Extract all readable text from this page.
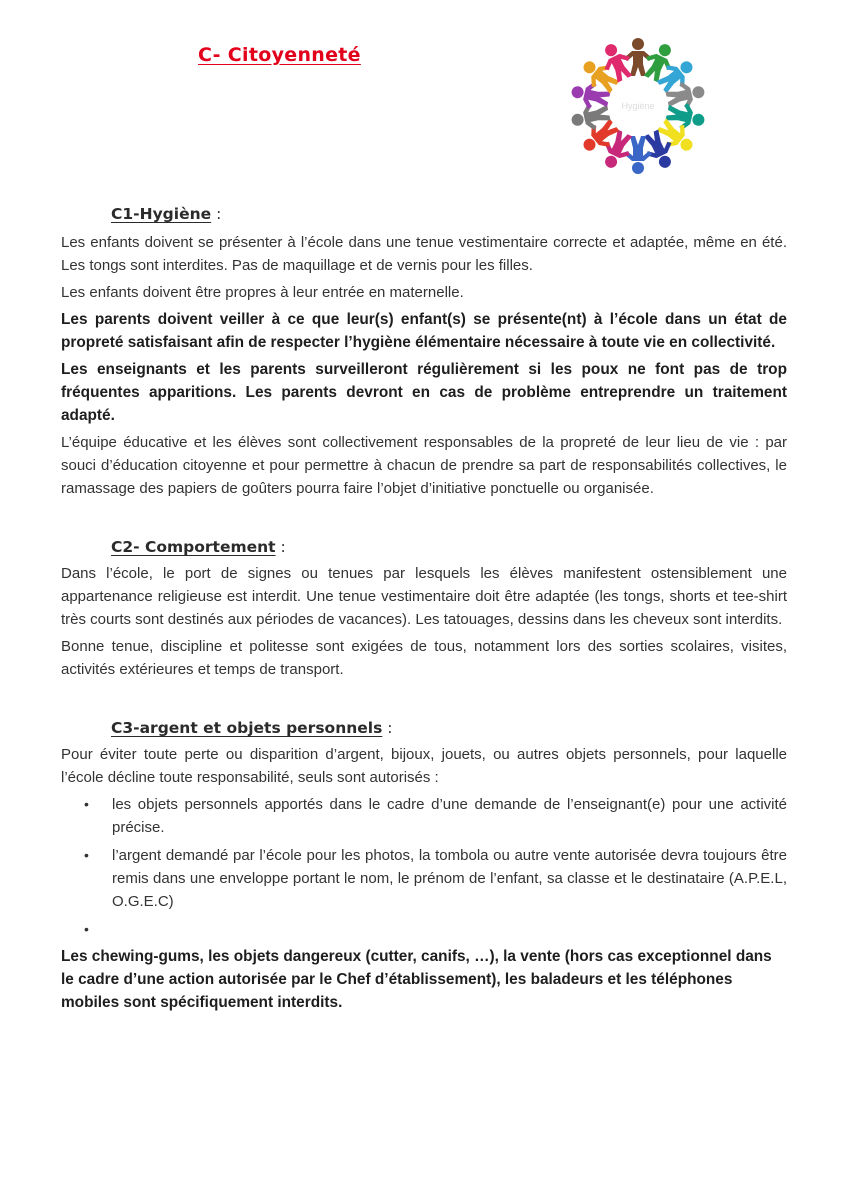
C- Citoyenneté
Hygiène
C1-Hygiène :

Les enfants doivent se présenter à l’école dans une tenue vestimentaire correcte et adaptée, même en été. Les tongs sont interdites. Pas de maquillage et de vernis pour les filles.

Les enfants doivent être propres à leur entrée en maternelle.

Les parents doivent veiller à ce que leur(s) enfant(s) se présente(nt) à l’école dans un état de propreté satisfaisant afin de respecter l’hygiène élémentaire nécessaire à toute vie en collectivité.

Les enseignants et les parents surveilleront régulièrement si les poux ne font pas de trop fréquentes apparitions. Les parents devront en cas de problème entreprendre un traitement adapté.

L’équipe éducative et les élèves sont collectivement responsables de la propreté de leur lieu de vie : par souci d’éducation citoyenne et pour permettre à chacun de prendre sa part de responsabilités collectives, le ramassage des papiers de goûters pourra faire l’objet d’initiative ponctuelle ou organisée.

C2- Comportement :

Dans l’école, le port de signes ou tenues par lesquels les élèves manifestent ostensiblement une appartenance religieuse est interdit. Une tenue vestimentaire doit être adaptée (les tongs, shorts et tee-shirt très courts sont destinés aux périodes de vacances). Les tatouages, dessins dans les cheveux sont interdits.

Bonne tenue, discipline et politesse sont exigées de tous, notamment lors des sorties scolaires, visites, activités extérieures et temps de transport.

C3-argent et objets personnels :

Pour éviter toute perte ou disparition d’argent, bijoux, jouets, ou autres objets personnels, pour laquelle l’école décline toute responsabilité, seuls sont autorisés :

• les objets personnels apportés dans le cadre d’une demande de l’enseignant(e) pour une activité précise.
• l’argent demandé par l’école pour les photos, la tombola ou autre vente autorisée devra toujours être remis dans une enveloppe portant le nom, le prénom de l’enfant, sa classe et le destinataire (A.P.E.L, O.G.E.C)
•

Les chewing-gums, les objets dangereux (cutter, canifs, …), la vente (hors cas exceptionnel dans le cadre d’une action autorisée par le Chef d’établissement), les baladeurs et les téléphones mobiles sont spécifiquement interdits.
